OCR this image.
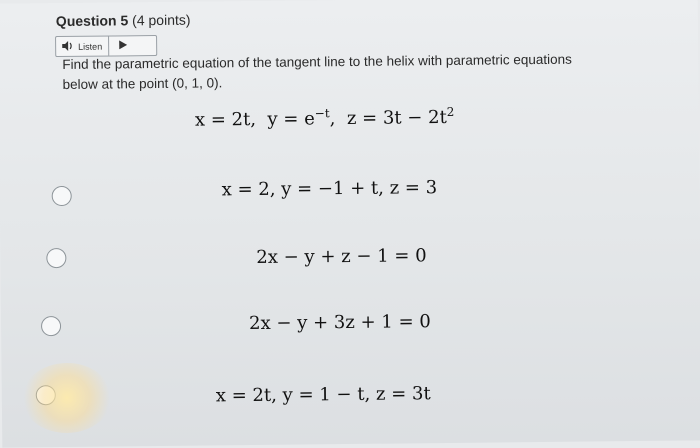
Question 5 (4 points)
Listen
Find the parametric equation of the tangent line to the helix with parametric equations below at the point (0, 1, 0).
x = 2t, $y = e^{-t}$, $z = 3t - 2t^2$
x = 2, y = −1 + t, z = 3
2x − y + z − 1 = 0
2x − y + 3z + 1 = 0
x = 2t, y = 1 − t, z = 3t
